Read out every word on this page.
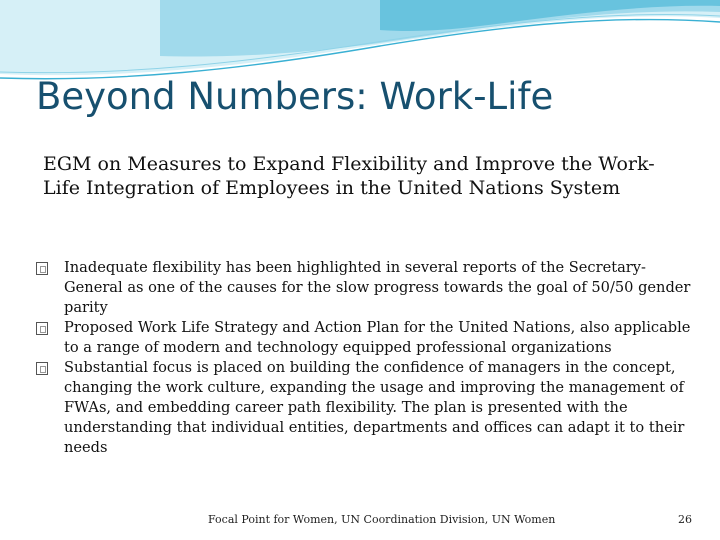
Beyond Numbers: Work-Life
EGM on Measures to Expand Flexibility and Improve the Work-Life Integration of Employees in the United Nations System
Inadequate flexibility has been highlighted in several reports of the Secretary-General as one of the causes for the slow progress towards the goal of 50/50 gender parity
Proposed Work Life Strategy and Action Plan for the United Nations, also applicable to a range of modern and technology equipped professional organizations
Substantial focus is placed on building the confidence of managers in the concept, changing the work culture, expanding the usage and improving the management of FWAs, and embedding career path flexibility. The plan is presented with the understanding that individual entities, departments and offices can adapt it to their needs
Focal Point for Women, UN Coordination Division, UN Women	26
